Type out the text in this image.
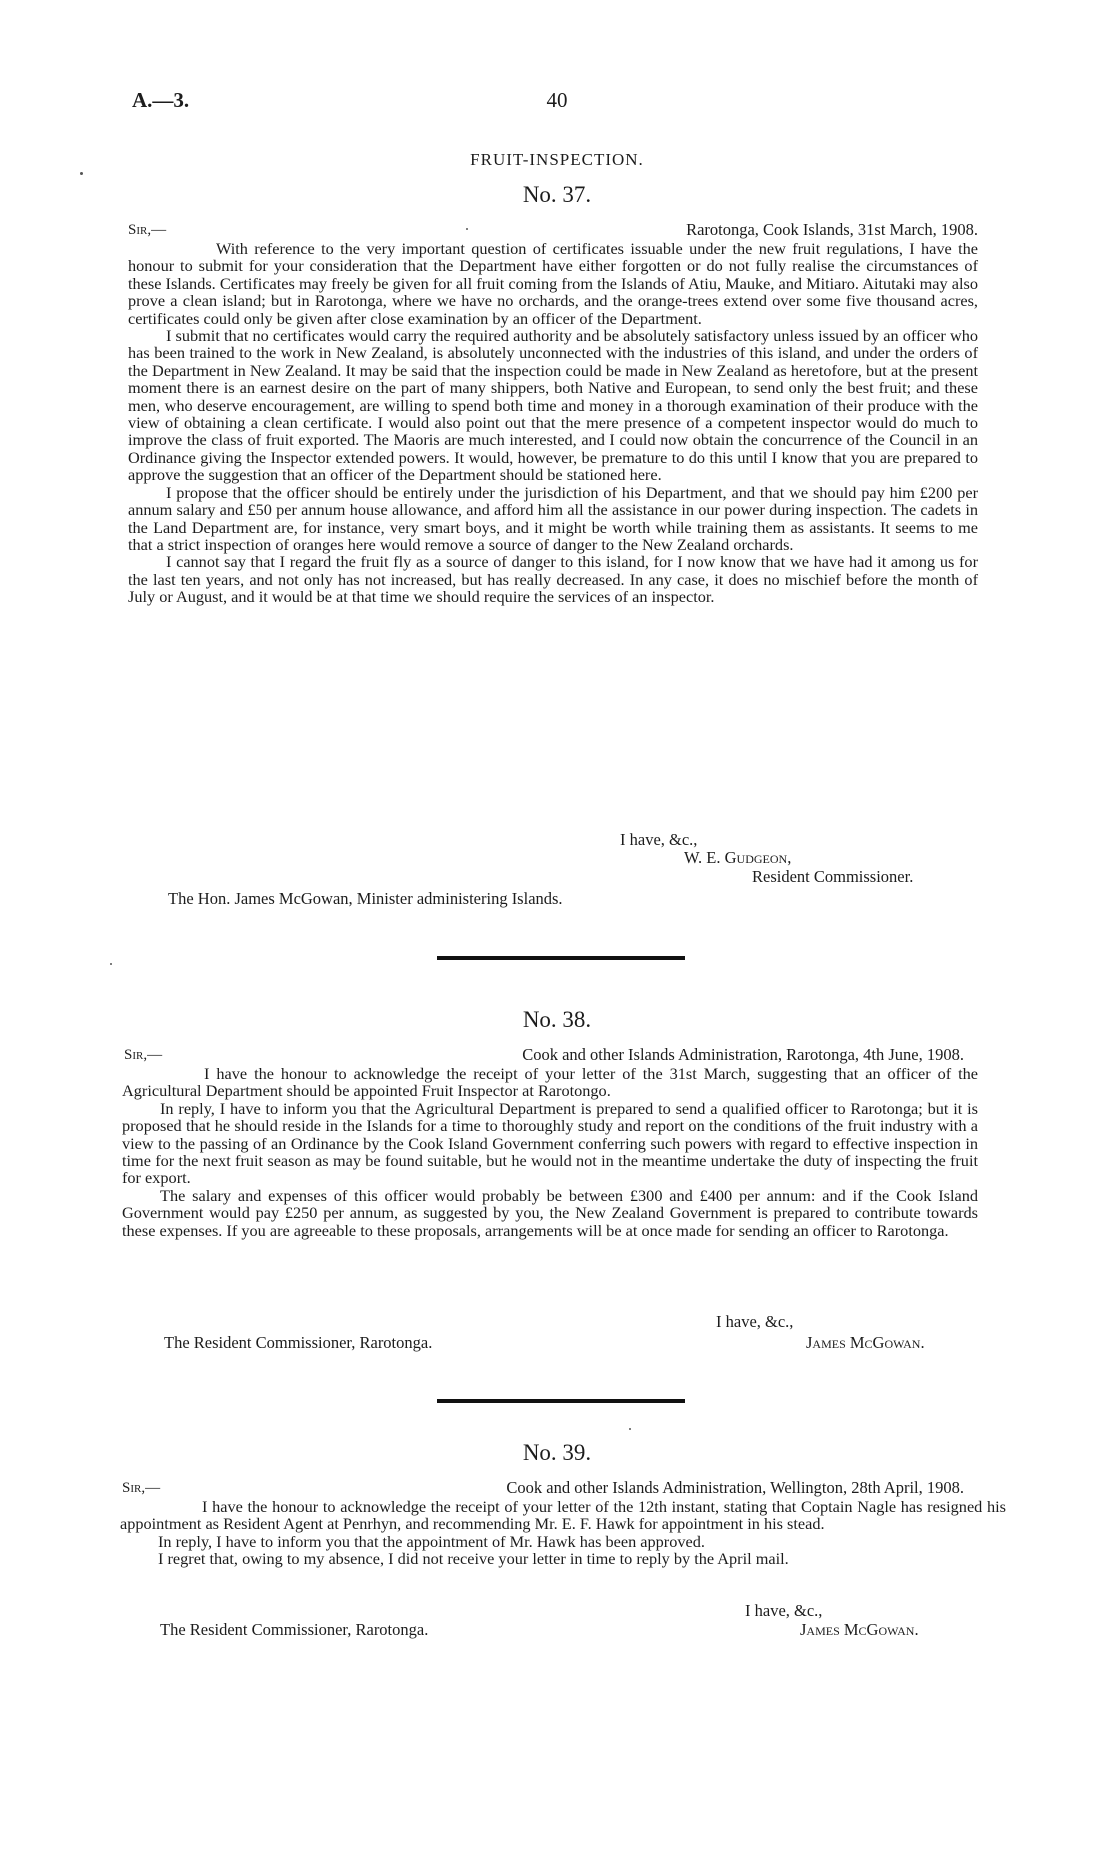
A.—3.	40
FRUIT-INSPECTION.
No. 37.
Sir,—	Rarotonga, Cook Islands, 31st March, 1908.

With reference to the very important question of certificates issuable under the new fruit regulations, I have the honour to submit for your consideration that the Department have either forgotten or do not fully realise the circumstances of these Islands. Certificates may freely be given for all fruit coming from the Islands of Atiu, Mauke, and Mitiaro. Aitutaki may also prove a clean island; but in Rarotonga, where we have no orchards, and the orange-trees extend over some five thousand acres, certificates could only be given after close examination by an officer of the Department.

I submit that no certificates would carry the required authority and be absolutely satisfactory unless issued by an officer who has been trained to the work in New Zealand, is absolutely unconnected with the industries of this island, and under the orders of the Department in New Zealand. It may be said that the inspection could be made in New Zealand as heretofore, but at the present moment there is an earnest desire on the part of many shippers, both Native and European, to send only the best fruit; and these men, who deserve encouragement, are willing to spend both time and money in a thorough examination of their produce with the view of obtaining a clean certificate. I would also point out that the mere presence of a competent inspector would do much to improve the class of fruit exported. The Maoris are much interested, and I could now obtain the concurrence of the Council in an Ordinance giving the Inspector extended powers. It would, however, be premature to do this until I know that you are prepared to approve the suggestion that an officer of the Department should be stationed here.

I propose that the officer should be entirely under the jurisdiction of his Department, and that we should pay him £200 per annum salary and £50 per annum house allowance, and afford him all the assistance in our power during inspection. The cadets in the Land Department are, for instance, very smart boys, and it might be worth while training them as assistants. It seems to me that a strict inspection of oranges here would remove a source of danger to the New Zealand orchards.

I cannot say that I regard the fruit fly as a source of danger to this island, for I now know that we have had it among us for the last ten years, and not only has not increased, but has really decreased. In any case, it does no mischief before the month of July or August, and it would be at that time we should require the services of an inspector.

I have, &c.,
W. E. Gudgeon,
Resident Commissioner.
The Hon. James McGowan, Minister administering Islands.
No. 38.
Sir,—	Cook and other Islands Administration, Rarotonga, 4th June, 1908.

I have the honour to acknowledge the receipt of your letter of the 31st March, suggesting that an officer of the Agricultural Department should be appointed Fruit Inspector at Rarotongo.

In reply, I have to inform you that the Agricultural Department is prepared to send a qualified officer to Rarotonga; but it is proposed that he should reside in the Islands for a time to thoroughly study and report on the conditions of the fruit industry with a view to the passing of an Ordinance by the Cook Island Government conferring such powers with regard to effective inspection in time for the next fruit season as may be found suitable, but he would not in the meantime undertake the duty of inspecting the fruit for export.

The salary and expenses of this officer would probably be between £300 and £400 per annum: and if the Cook Island Government would pay £250 per annum, as suggested by you, the New Zealand Government is prepared to contribute towards these expenses. If you are agreeable to these proposals, arrangements will be at once made for sending an officer to Rarotonga.

I have, &c.,
The Resident Commissioner, Rarotonga.	James McGowan.
No. 39.
Sir,—	Cook and other Islands Administration, Wellington, 28th April, 1908.

I have the honour to acknowledge the receipt of your letter of the 12th instant, stating that Coptain Nagle has resigned his appointment as Resident Agent at Penrhyn, and recommending Mr. E. F. Hawk for appointment in his stead.

In reply, I have to inform you that the appointment of Mr. Hawk has been approved.

I regret that, owing to my absence, I did not receive your letter in time to reply by the April mail.

I have, &c.,
The Resident Commissioner, Rarotonga.	James McGowan.
